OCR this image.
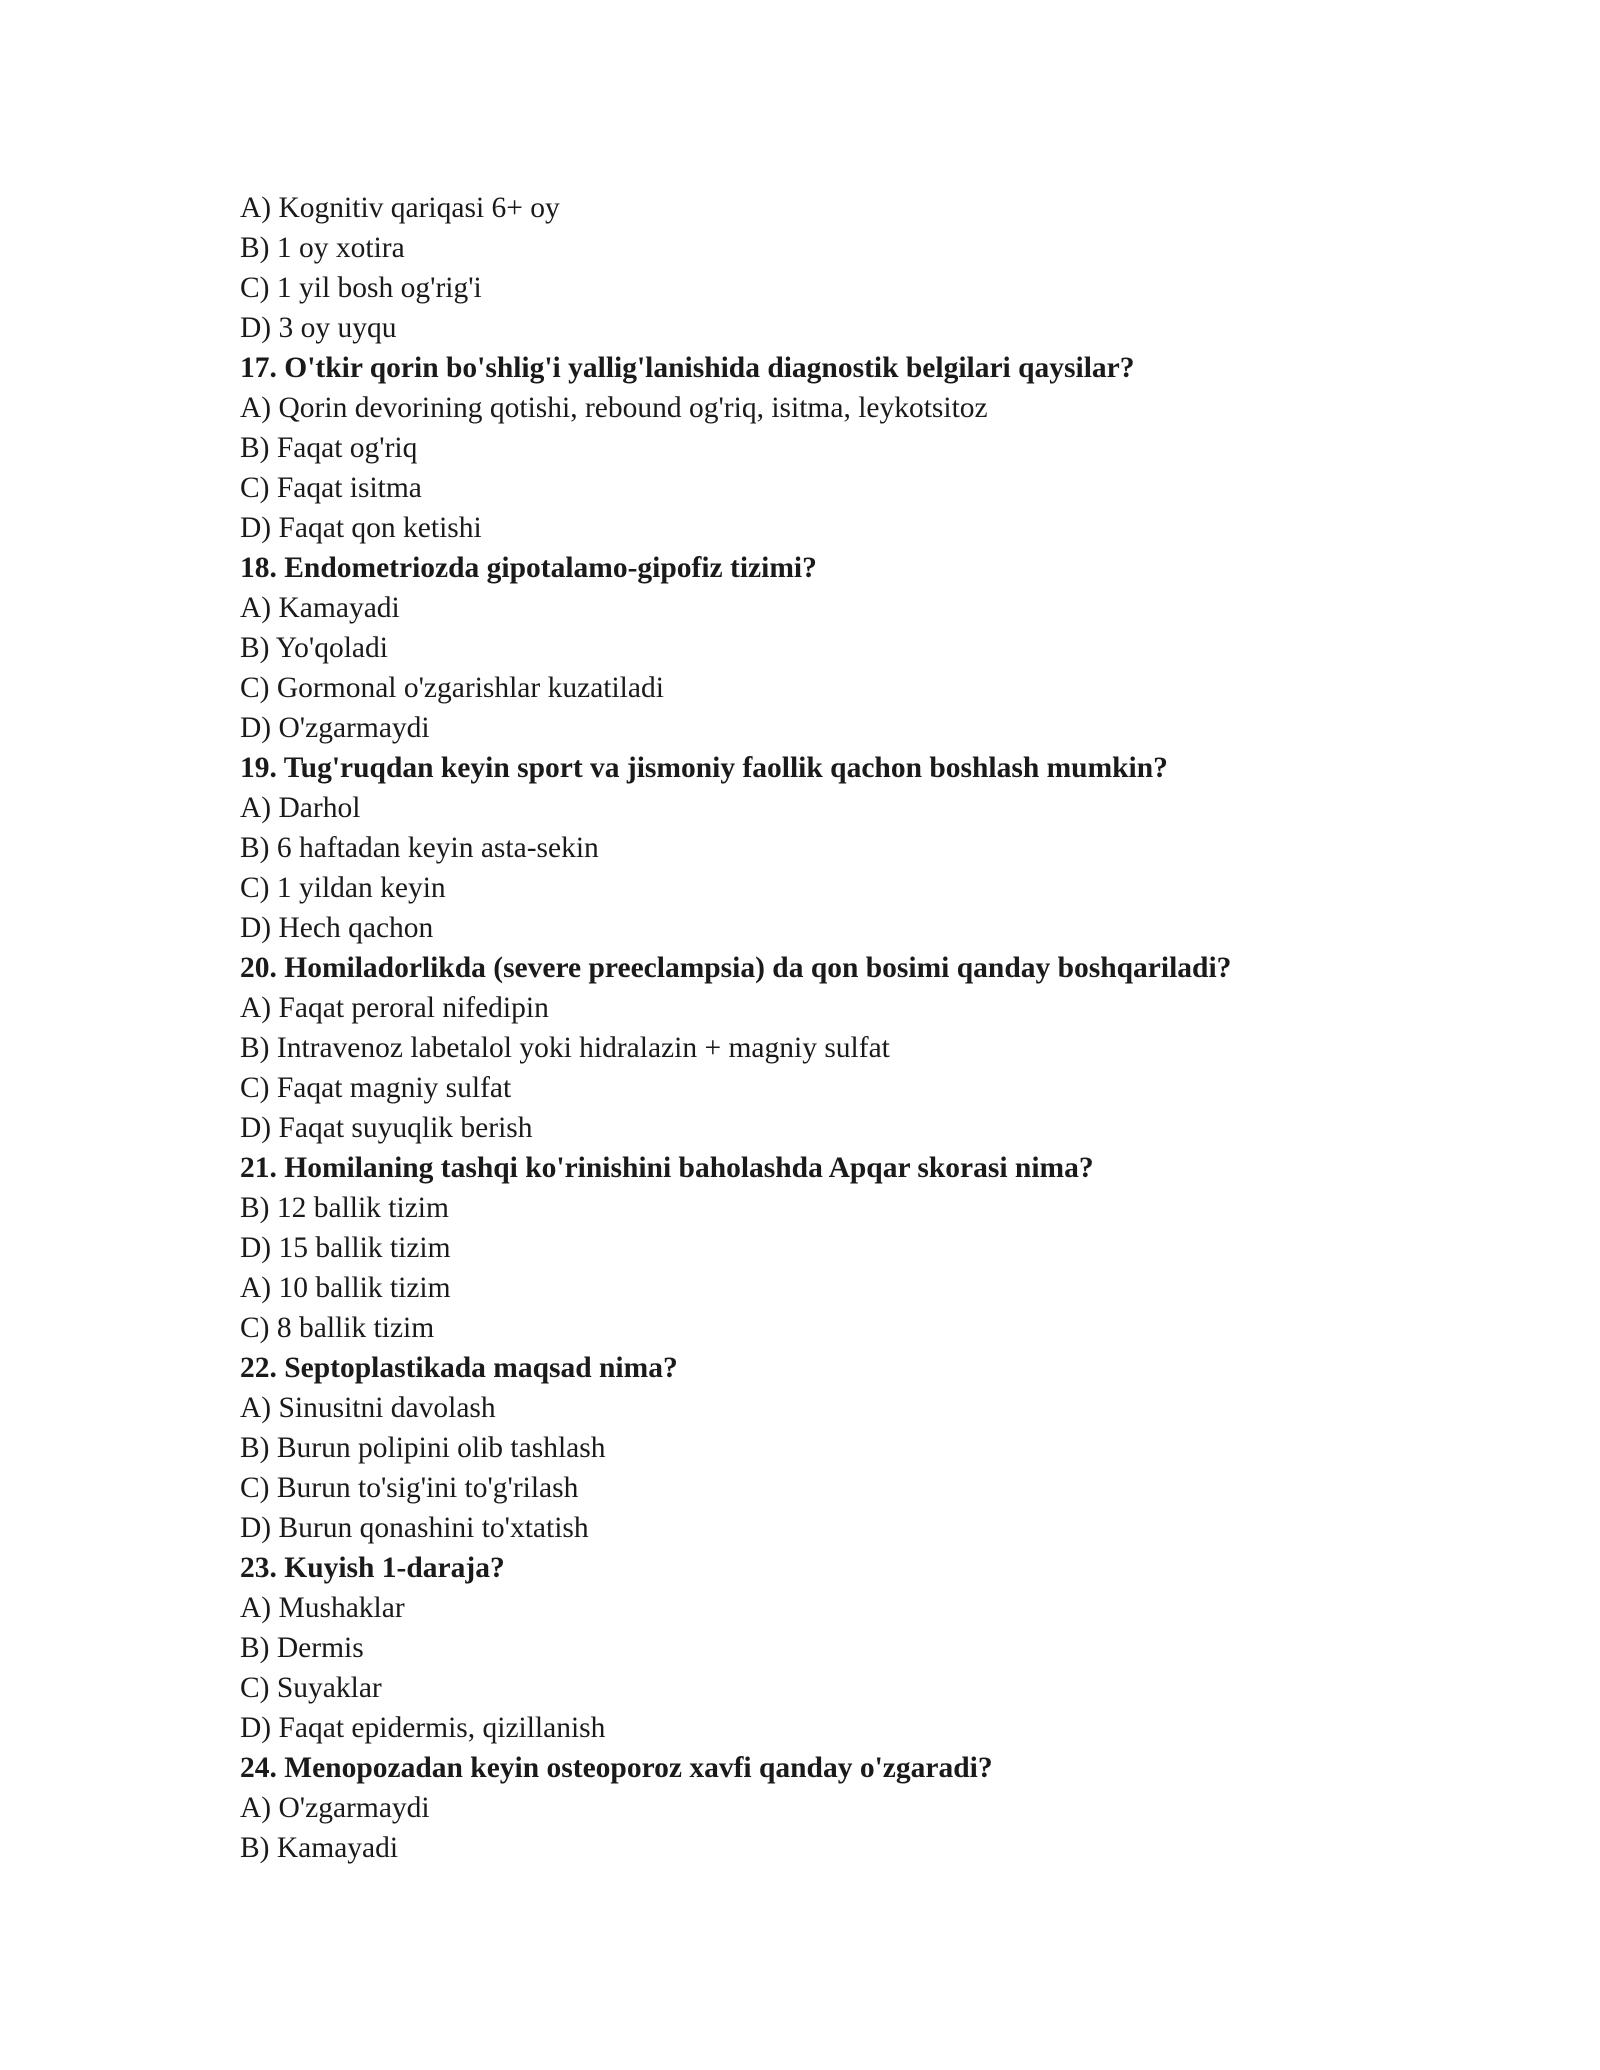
A) Kognitiv qariqasi 6+ oy
B) 1 oy xotira
C) 1 yil bosh og'rig'i
D) 3 oy uyqu
17. O'tkir qorin bo'shlig'i yallig'lanishida diagnostik belgilari qaysilar?
A) Qorin devorining qotishi, rebound og'riq, isitma, leykotsitoz
B) Faqat og'riq
C) Faqat isitma
D) Faqat qon ketishi
18. Endometriozda gipotalamo-gipofiz tizimi?
A) Kamayadi
B) Yo'qoladi
C) Gormonal o'zgarishlar kuzatiladi
D) O'zgarmaydi
19. Tug'ruqdan keyin sport va jismoniy faollik qachon boshlash mumkin?
A) Darhol
B) 6 haftadan keyin asta-sekin
C) 1 yildan keyin
D) Hech qachon
20. Homiladorlikda (severe preeclampsia) da qon bosimi qanday boshqariladi?
A) Faqat peroral nifedipin
B) Intravenoz labetalol yoki hidralazin + magniy sulfat
C) Faqat magniy sulfat
D) Faqat suyuqlik berish
21. Homilaning tashqi ko'rinishini baholashda Apqar skorasi nima?
B) 12 ballik tizim
D) 15 ballik tizim
A) 10 ballik tizim
C) 8 ballik tizim
22. Septoplastikada maqsad nima?
A) Sinusitni davolash
B) Burun polipini olib tashlash
C) Burun to'sig'ini to'g'rilash
D) Burun qonashini to'xtatish
23. Kuyish 1-daraja?
A) Mushaklar
B) Dermis
C) Suyaklar
D) Faqat epidermis, qizillanish
24. Menopozadan keyin osteoporoz xavfi qanday o'zgaradi?
A) O'zgarmaydi
B) Kamayadi
